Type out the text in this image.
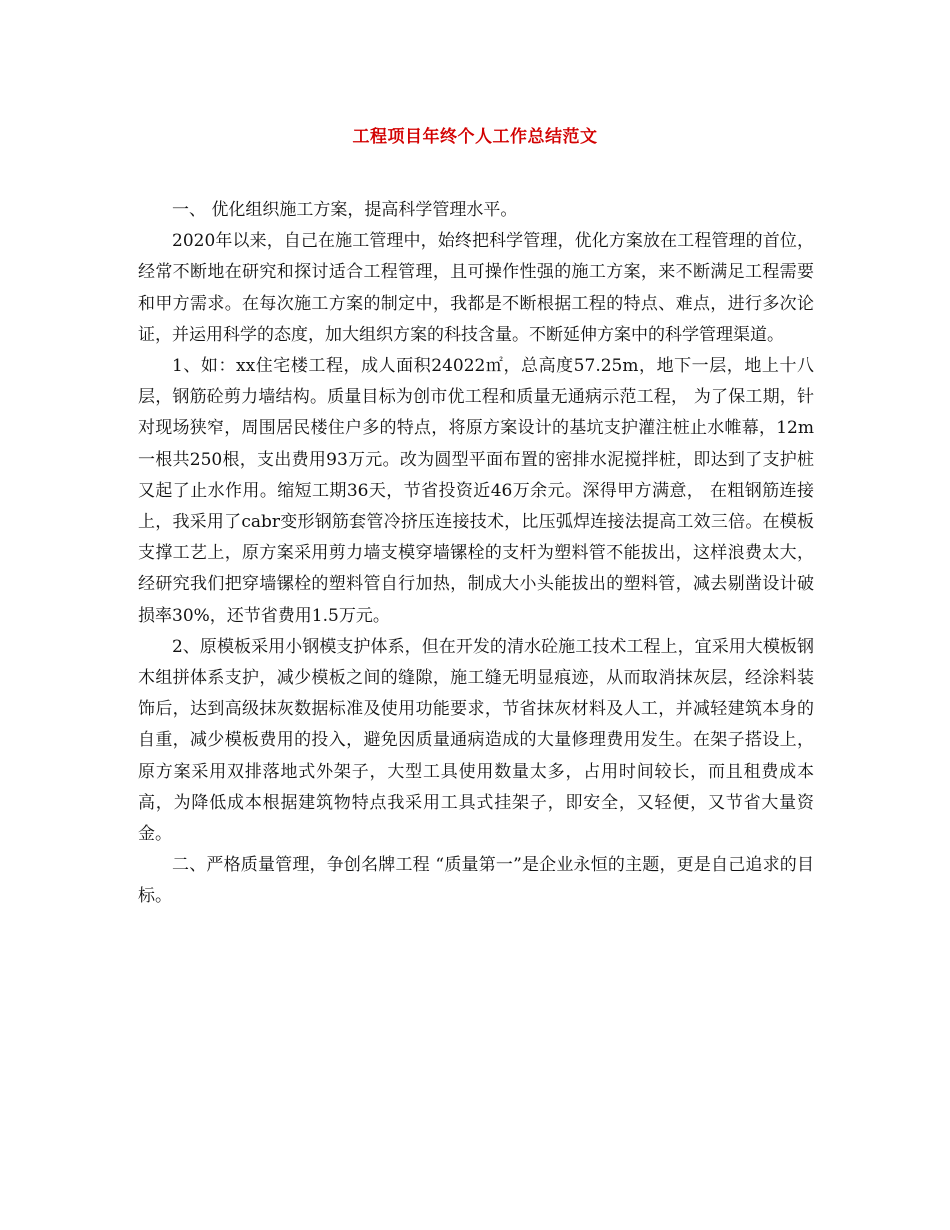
工程项目年终个人工作总结范文

一、 优化组织施工方案，提高科学管理水平。

2020年以来，自己在施工管理中，始终把科学管理，优化方案放在工程管理的首位，经常不断地在研究和探讨适合工程管理，且可操作性强的施工方案，来不断满足工程需要和甲方需求。在每次施工方案的制定中，我都是不断根据工程的特点、难点，进行多次论证，并运用科学的态度，加大组织方案的科技含量。不断延伸方案中的科学管理渠道。

1、如：xx住宅楼工程，成人面积24022㎡，总高度57.25m，地下一层，地上十八层，钢筋砼剪力墙结构。质量目标为创市优工程和质量无通病示范工程， 为了保工期，针对现场狭窄，周围居民楼住户多的特点，将原方案设计的基坑支护灌注桩止水帷幕，12m一根共250根，支出费用93万元。改为圆型平面布置的密排水泥搅拌桩，即达到了支护桩又起了止水作用。缩短工期36天，节省投资近46万余元。深得甲方满意， 在粗钢筋连接上，我采用了cabr变形钢筋套管冷挤压连接技术，比压弧焊连接法提高工效三倍。在模板支撑工艺上，原方案采用剪力墙支模穿墙镙栓的支杆为塑料管不能拔出，这样浪费太大，经研究我们把穿墙镙栓的塑料管自行加热，制成大小头能拔出的塑料管，减去剔凿设计破损率30%，还节省费用1.5万元。

2、原模板采用小钢模支护体系，但在开发的清水砼施工技术工程上，宜采用大模板钢木组拼体系支护，减少模板之间的缝隙，施工缝无明显痕迹，从而取消抹灰层，经涂料装饰后，达到高级抹灰数据标准及使用功能要求，节省抹灰材料及人工，并减轻建筑本身的自重，减少模板费用的投入，避免因质量通病造成的大量修理费用发生。在架子搭设上，原方案采用双排落地式外架子，大型工具使用数量太多，占用时间较长，而且租费成本高，为降低成本根据建筑物特点我采用工具式挂架子，即安全，又轻便，又节省大量资金。

二、严格质量管理，争创名牌工程 “质量第一”是企业永恒的主题，更是自己追求的目标。
